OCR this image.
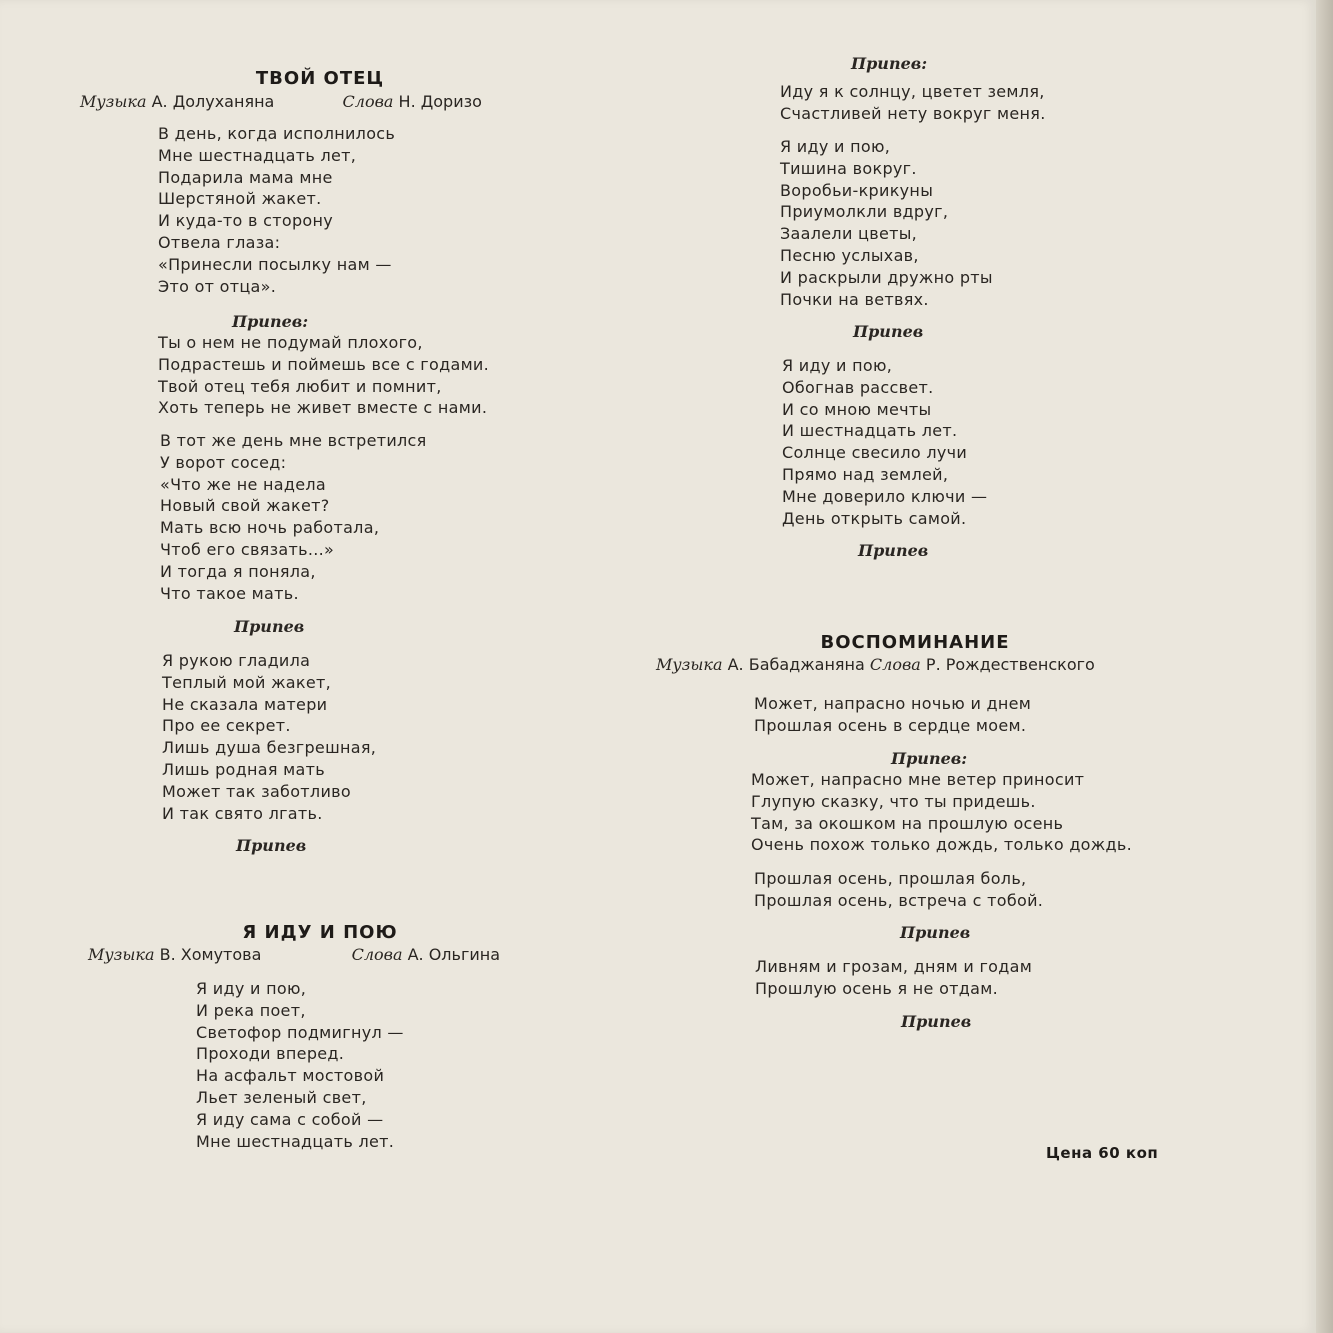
ТВОЙ ОТЕЦ
Музыка А. Долуханяна	Слова Н. Доризо
В день, когда исполнилось
Мне шестнадцать лет,
Подарила мама мне
Шерстяной жакет.
И куда-то в сторону
Отвела глаза:
«Принесли посылку нам —
Это от отца».
Припев:
Ты о нем не подумай плохого,
Подрастешь и поймешь все с годами.
Твой отец тебя любит и помнит,
Хоть теперь не живет вместе с нами.
В тот же день мне встретился
У ворот сосед:
«Что же не надела
Новый свой жакет?
Мать всю ночь работала,
Чтоб его связать...»
И тогда я поняла,
Что такое мать.
Припев
Я рукою гладила
Теплый мой жакет,
Не сказала матери
Про ее секрет.
Лишь душа безгрешная,
Лишь родная мать
Может так заботливо
И так свято лгать.
Припев
Я ИДУ И ПОЮ
Музыка В. Хомутова	Слова А. Ольгина
Я иду и пою,
И река поет,
Светофор подмигнул —
Проходи вперед.
На асфальт мостовой
Льет зеленый свет,
Я иду сама с собой —
Мне шестнадцать лет.
Припев:
Иду я к солнцу, цветет земля,
Счастливей нету вокруг меня.
Я иду и пою,
Тишина вокруг.
Воробьи-крикуны
Приумолкли вдруг,
Заалели цветы,
Песню услыхав,
И раскрыли дружно рты
Почки на ветвях.
Припев
Я иду и пою,
Обогнав рассвет.
И со мною мечты
И шестнадцать лет.
Солнце свесило лучи
Прямо над землей,
Мне доверило ключи —
День открыть самой.
Припев
ВОСПОМИНАНИЕ
Музыка А. Бабаджаняна Слова Р. Рождественского
Может, напрасно ночью и днем
Прошлая осень в сердце моем.
Припев:
Может, напрасно мне ветер приносит
Глупую сказку, что ты придешь.
Там, за окошком на прошлую осень
Очень похож только дождь, только дождь.
Прошлая осень, прошлая боль,
Прошлая осень, встреча с тобой.
Припев
Ливням и грозам, дням и годам
Прошлую осень я не отдам.
Припев
Цена 60 коп
